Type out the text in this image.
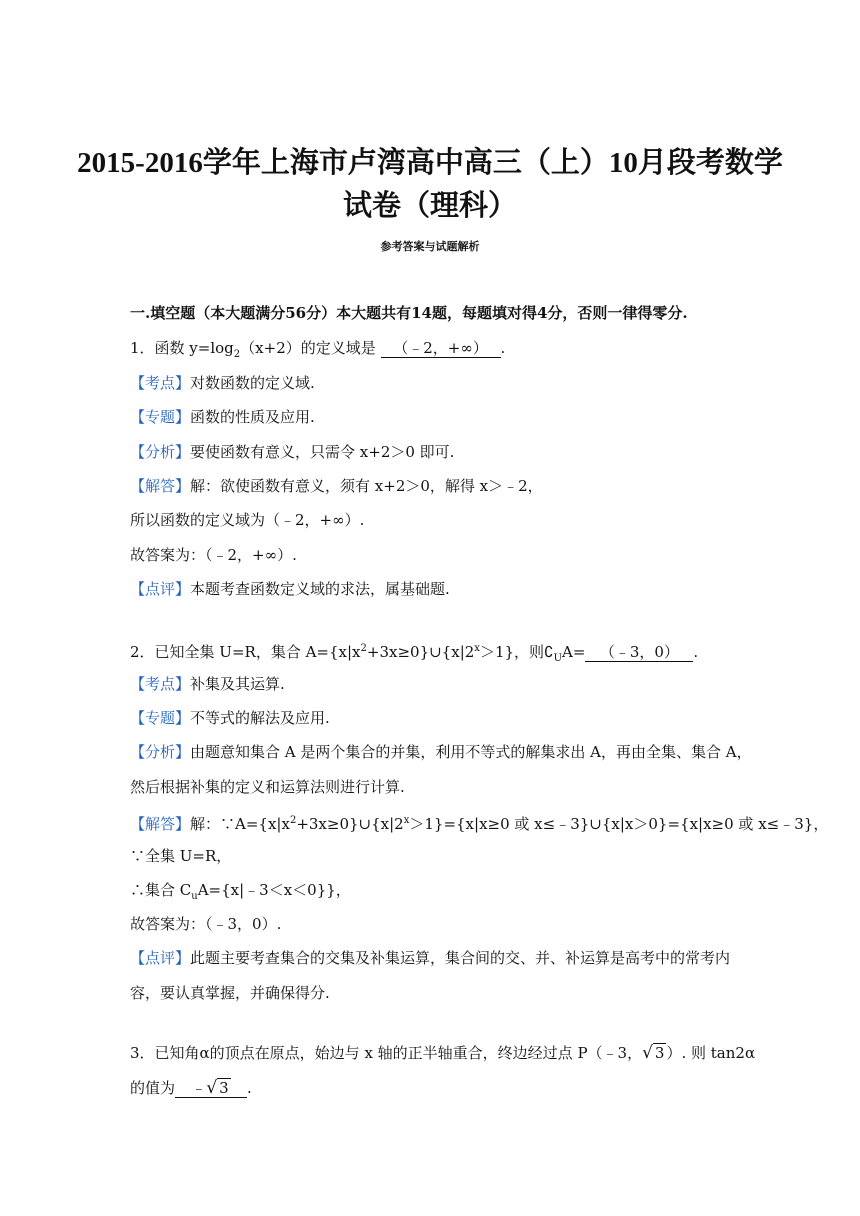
2015-2016学年上海市卢湾高中高三（上）10月段考数学
试卷（理科）
参考答案与试题解析
一.填空题（本大题满分56分）本大题共有14题，每题填对得4分，否则一律得零分.
1．函数 $y=\log_2(x+2)$的定义域是 （﹣2，+∞） .
【考点】对数函数的定义域.
【专题】函数的性质及应用.
【分析】要使函数有意义，只需令 x+2＞0 即可.
【解答】解：欲使函数有意义，须有 x+2＞0，解得 x＞﹣2，
所以函数的定义域为（﹣2，+∞）.
故答案为：（﹣2，+∞）.
【点评】本题考查函数定义域的求法，属基础题.
2．已知全集 U=R，集合 $A=\{x|x^2+3x\ge 0\}\cup\{x|2^x>1\}$，则$∁_UA=$ （﹣3，0） .
【考点】补集及其运算.
【专题】不等式的解法及应用.
【分析】由题意知集合 A 是两个集合的并集，利用不等式的解集求出 A，再由全集、集合 A，
然后根据补集的定义和运算法则进行计算.
【解答】解：$\because A=\{x|x^2+3x\ge 0\}\cup\{x|2^x>1\}=\{x|x\ge 0$ 或 x≤﹣3}∪{x|x＞0}={x|x≥0 或 x≤﹣3}，
∵全集 U=R，
∴集合 $C_uA=\{x|﹣3<x<0\}$}，
故答案为：（﹣3，0）.
【点评】此题主要考查集合的交集及补集运算，集合间的交、并、补运算是高考中的常考内
容，要认真掌握，并确保得分.
3．已知角α的顶点在原点，始边与 x 轴的正半轴重合，终边经过点 P（﹣3，√ 3 ）. 则 tan2α
的值为 ﹣√ 3 .
